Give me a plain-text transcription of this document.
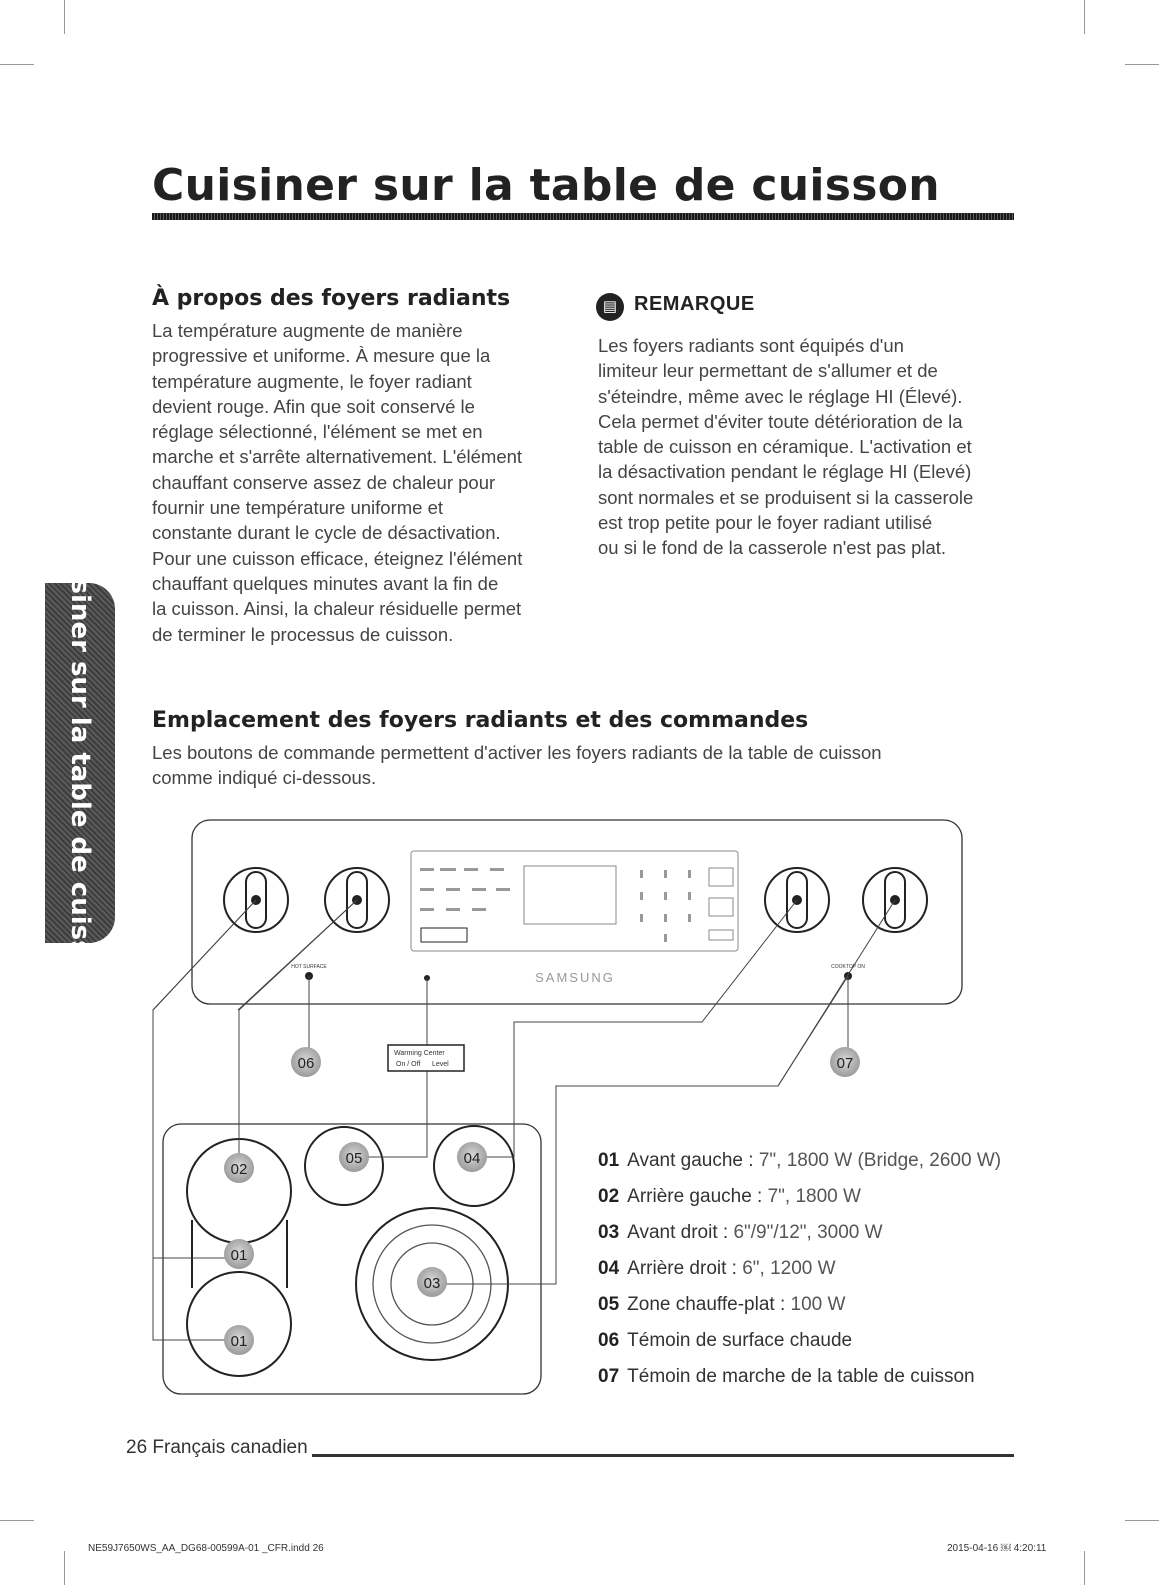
Cuisiner sur la table de cuisson
Cuisiner sur la table de cuisson
À propos des foyers radiants
La température augmente de manière
progressive et uniforme. À mesure que la
température augmente, le foyer radiant
devient rouge. Afin que soit conservé le
réglage sélectionné, l'élément se met en
marche et s'arrête alternativement. L'élément
chauffant conserve assez de chaleur pour
fournir une température uniforme et
constante durant le cycle de désactivation.
Pour une cuisson efficace, éteignez l'élément
chauffant quelques minutes avant la fin de
la cuisson. Ainsi, la chaleur résiduelle permet
de terminer le processus de cuisson.
▤ REMARQUE
Les foyers radiants sont équipés d'un
limiteur leur permettant de s'allumer et de
s'éteindre, même avec le réglage HI (Élevé).
Cela permet d'éviter toute détérioration de la
table de cuisson en céramique. L'activation et
la désactivation pendant le réglage HI (Elevé)
sont normales et se produisent si la casserole
est trop petite pour le foyer radiant utilisé
ou si le fond de la casserole n'est pas plat.
Emplacement des foyers radiants et des commandes
Les boutons de commande permettent d'activer les foyers radiants de la table de cuisson
comme indiqué ci-dessous.
SAMSUNG
HOT SURFACE	COOKTOP ON
Warming Center
On / Off Level
06	07
05	04
02
01
03
01
01 Avant gauche : 7", 1800 W (Bridge, 2600 W)
02 Arrière gauche : 7", 1800 W
03 Avant droit : 6"/9"/12", 3000 W
04 Arrière droit : 6", 1200 W
05 Zone chauffe-plat : 100 W
06 Témoin de surface chaude
07 Témoin de marche de la table de cuisson
26 Français canadien
NE59J7650WS_AA_DG68-00599A-01 _CFR.indd 26	2015-04-16 ￼ 4:20:11
